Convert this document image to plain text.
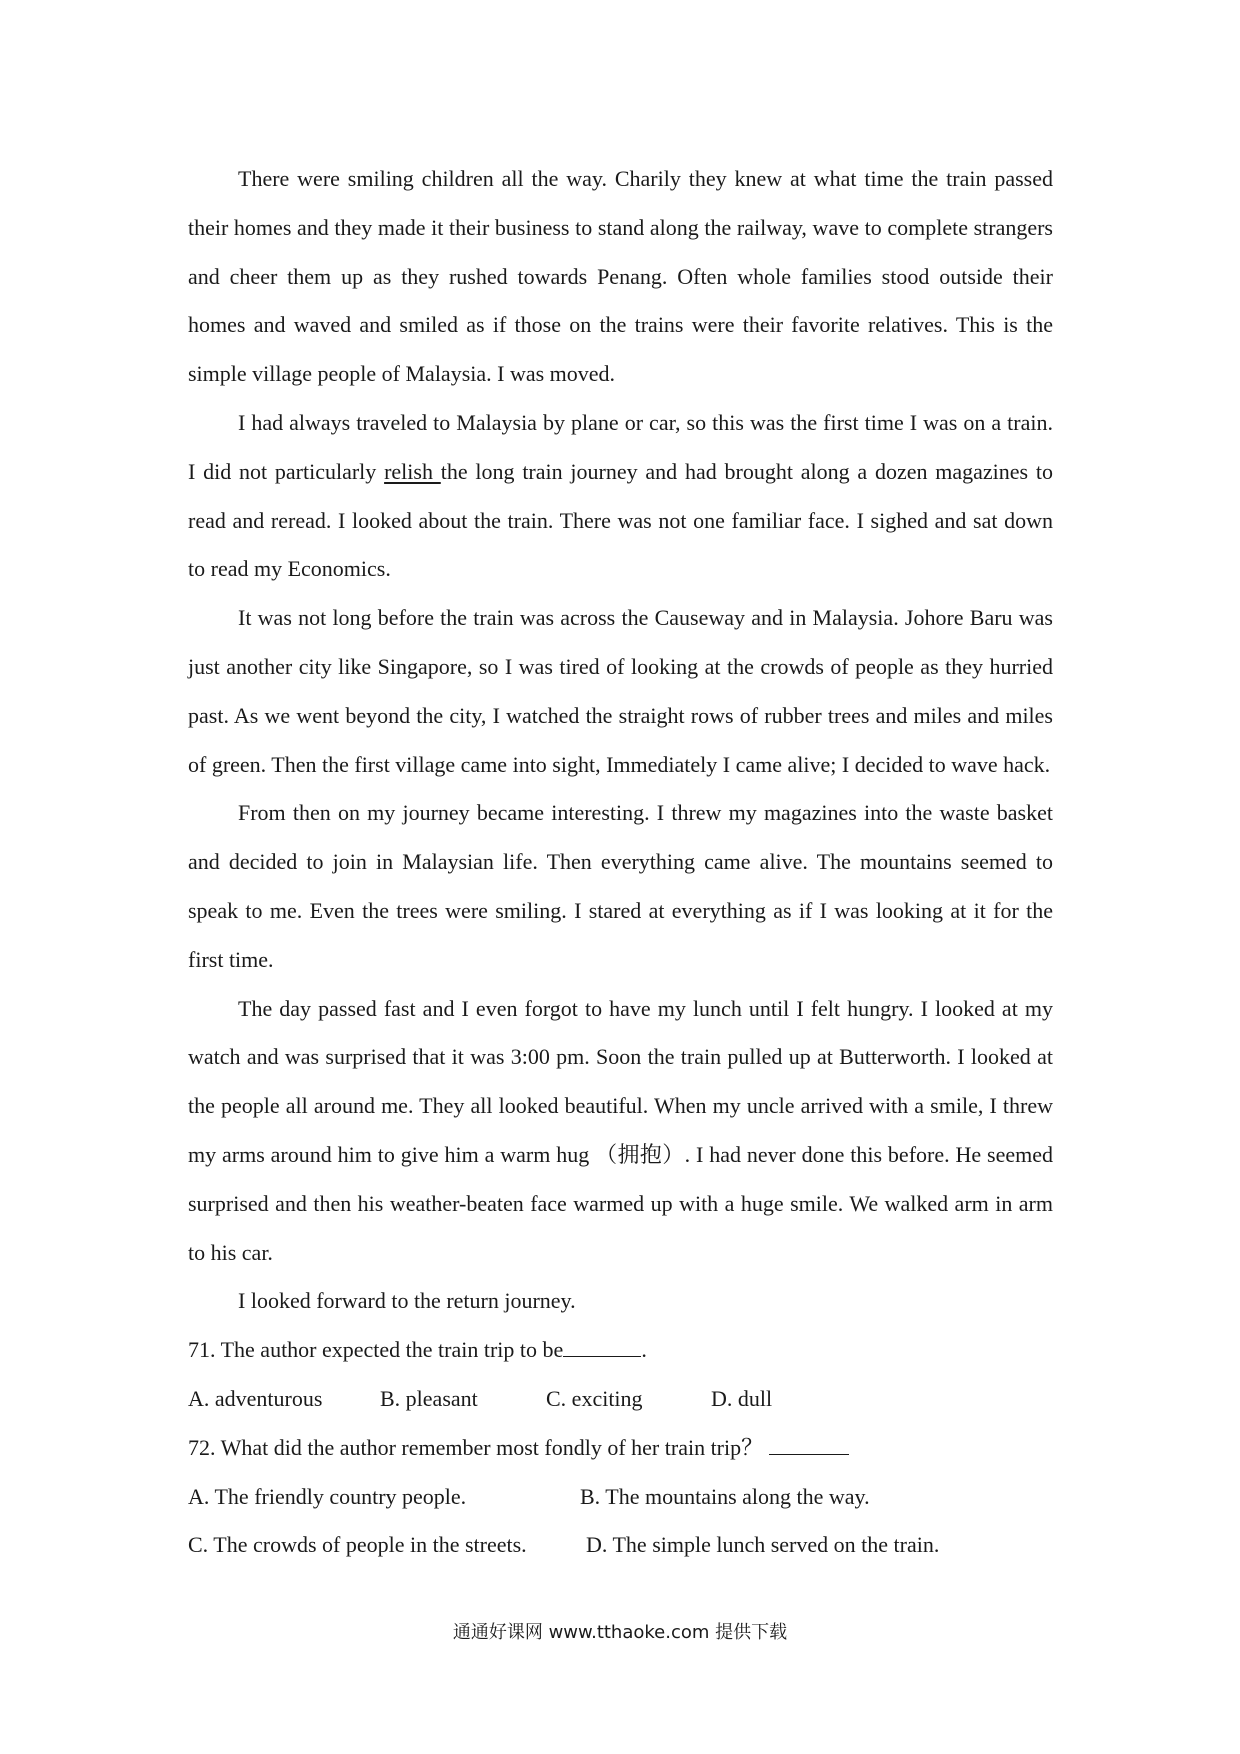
There were smiling children all the way. Charily they knew at what time the train passed their homes and they made it their business to stand along the railway, wave to complete strangers and cheer them up as they rushed towards Penang. Often whole families stood outside their homes and waved and smiled as if those on the trains were their favorite relatives. This is the simple village people of Malaysia. I was moved.

I had always traveled to Malaysia by plane or car, so this was the first time I was on a train. I did not particularly relish the long train journey and had brought along a dozen magazines to read and reread. I looked about the train. There was not one familiar face. I sighed and sat down to read my Economics.

It was not long before the train was across the Causeway and in Malaysia. Johore Baru was just another city like Singapore, so I was tired of looking at the crowds of people as they hurried past. As we went beyond the city, I watched the straight rows of rubber trees and miles and miles of green. Then the first village came into sight, Immediately I came alive; I decided to wave hack.

From then on my journey became interesting. I threw my magazines into the waste basket and decided to join in Malaysian life. Then everything came alive. The mountains seemed to speak to me. Even the trees were smiling. I stared at everything as if I was looking at it for the first time.

The day passed fast and I even forgot to have my lunch until I felt hungry. I looked at my watch and was surprised that it was 3:00 pm. Soon the train pulled up at Butterworth. I looked at the people all around me. They all looked beautiful. When my uncle arrived with a smile, I threw my arms around him to give him a warm hug （拥抱）. I had never done this before. He seemed surprised and then his weather-beaten face warmed up with a huge smile. We walked arm in arm to his car.

I looked forward to the return journey.

71. The author expected the train trip to be	.

A. adventurous	B. pleasant	C. exciting	D. dull

72. What did the author remember most fondly of her train trip？

A. The friendly country people.	B. The mountains along the way.
C. The crowds of people in the streets.	D. The simple lunch served on the train.
通通好课网 www.tthaoke.com 提供下载
